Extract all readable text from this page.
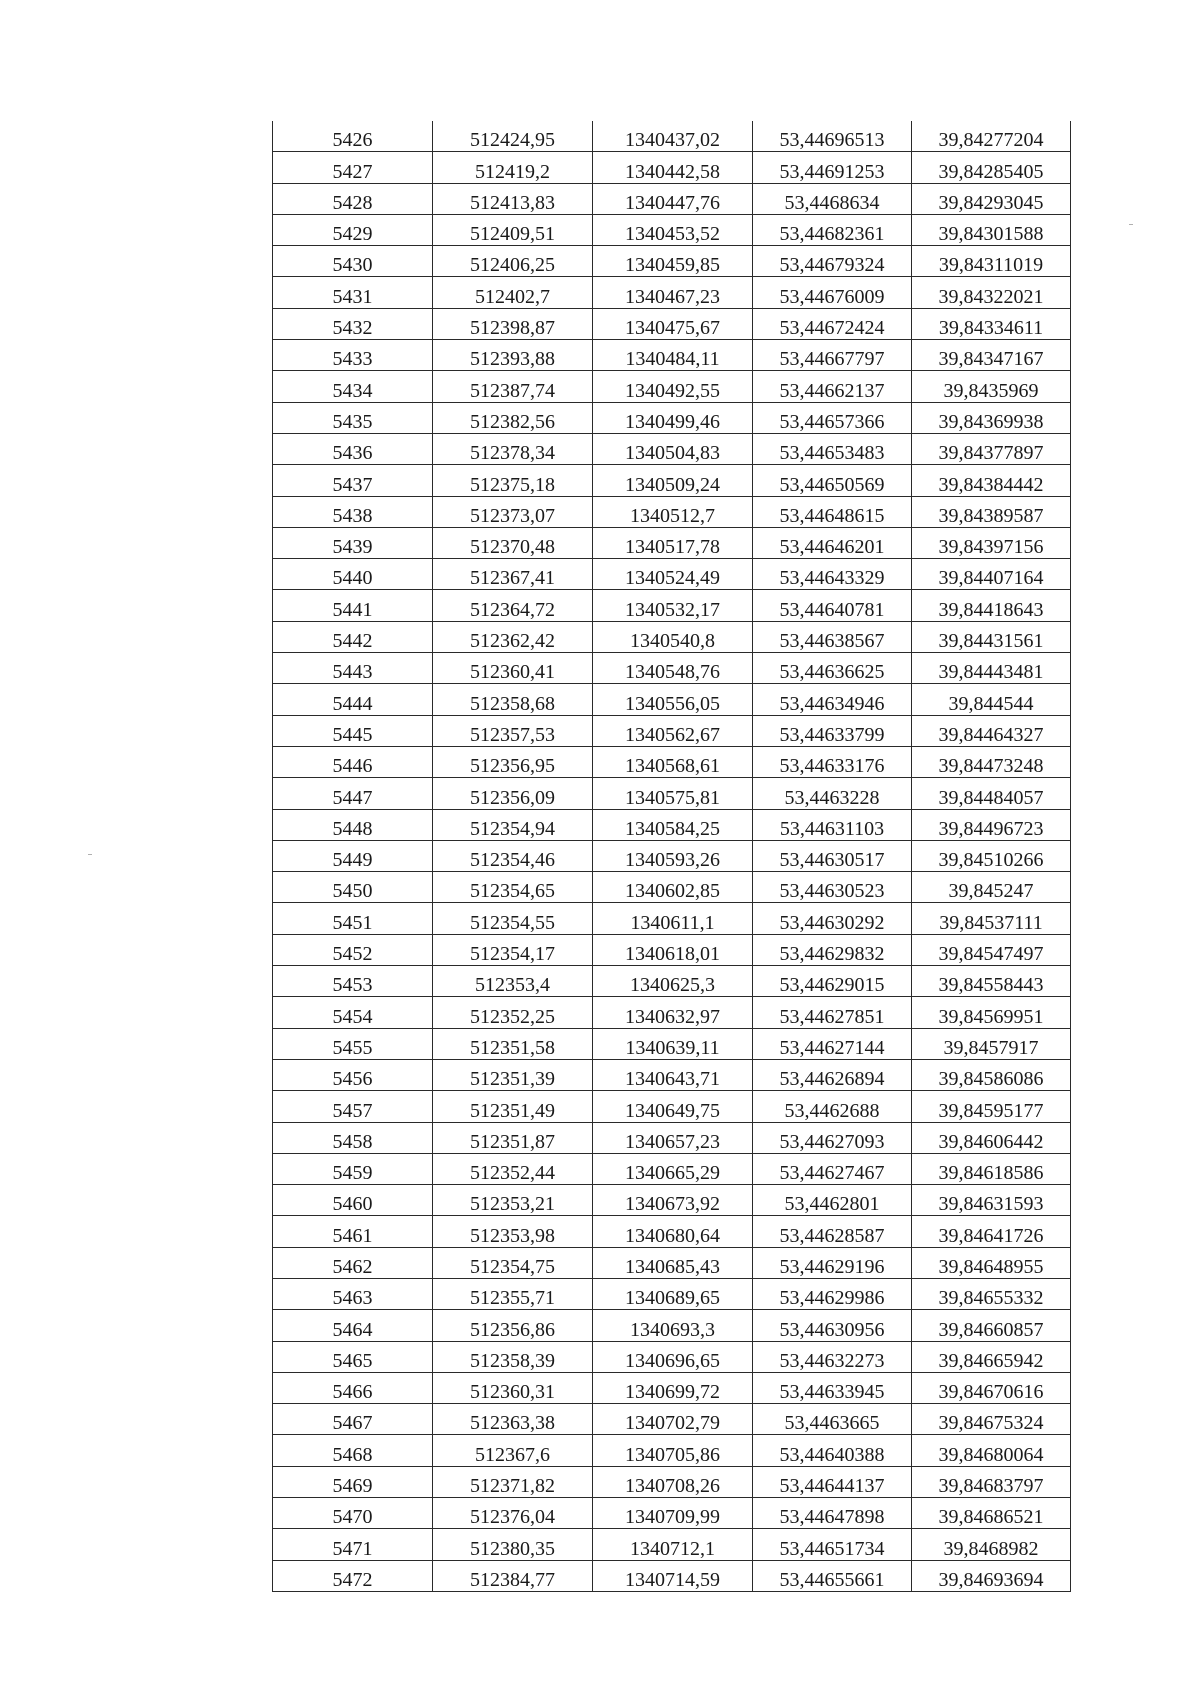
5426	512424,95	1340437,02	53,44696513	39,84277204
5427	512419,2	1340442,58	53,44691253	39,84285405
5428	512413,83	1340447,76	53,4468634	39,84293045
5429	512409,51	1340453,52	53,44682361	39,84301588
5430	512406,25	1340459,85	53,44679324	39,84311019
5431	512402,7	1340467,23	53,44676009	39,84322021
5432	512398,87	1340475,67	53,44672424	39,84334611
5433	512393,88	1340484,11	53,44667797	39,84347167
5434	512387,74	1340492,55	53,44662137	39,8435969
5435	512382,56	1340499,46	53,44657366	39,84369938
5436	512378,34	1340504,83	53,44653483	39,84377897
5437	512375,18	1340509,24	53,44650569	39,84384442
5438	512373,07	1340512,7	53,44648615	39,84389587
5439	512370,48	1340517,78	53,44646201	39,84397156
5440	512367,41	1340524,49	53,44643329	39,84407164
5441	512364,72	1340532,17	53,44640781	39,84418643
5442	512362,42	1340540,8	53,44638567	39,84431561
5443	512360,41	1340548,76	53,44636625	39,84443481
5444	512358,68	1340556,05	53,44634946	39,844544
5445	512357,53	1340562,67	53,44633799	39,84464327
5446	512356,95	1340568,61	53,44633176	39,84473248
5447	512356,09	1340575,81	53,4463228	39,84484057
5448	512354,94	1340584,25	53,44631103	39,84496723
5449	512354,46	1340593,26	53,44630517	39,84510266
5450	512354,65	1340602,85	53,44630523	39,845247
5451	512354,55	1340611,1	53,44630292	39,84537111
5452	512354,17	1340618,01	53,44629832	39,84547497
5453	512353,4	1340625,3	53,44629015	39,84558443
5454	512352,25	1340632,97	53,44627851	39,84569951
5455	512351,58	1340639,11	53,44627144	39,8457917
5456	512351,39	1340643,71	53,44626894	39,84586086
5457	512351,49	1340649,75	53,4462688	39,84595177
5458	512351,87	1340657,23	53,44627093	39,84606442
5459	512352,44	1340665,29	53,44627467	39,84618586
5460	512353,21	1340673,92	53,4462801	39,84631593
5461	512353,98	1340680,64	53,44628587	39,84641726
5462	512354,75	1340685,43	53,44629196	39,84648955
5463	512355,71	1340689,65	53,44629986	39,84655332
5464	512356,86	1340693,3	53,44630956	39,84660857
5465	512358,39	1340696,65	53,44632273	39,84665942
5466	512360,31	1340699,72	53,44633945	39,84670616
5467	512363,38	1340702,79	53,4463665	39,84675324
5468	512367,6	1340705,86	53,44640388	39,84680064
5469	512371,82	1340708,26	53,44644137	39,84683797
5470	512376,04	1340709,99	53,44647898	39,84686521
5471	512380,35	1340712,1	53,44651734	39,8468982
5472	512384,77	1340714,59	53,44655661	39,84693694
